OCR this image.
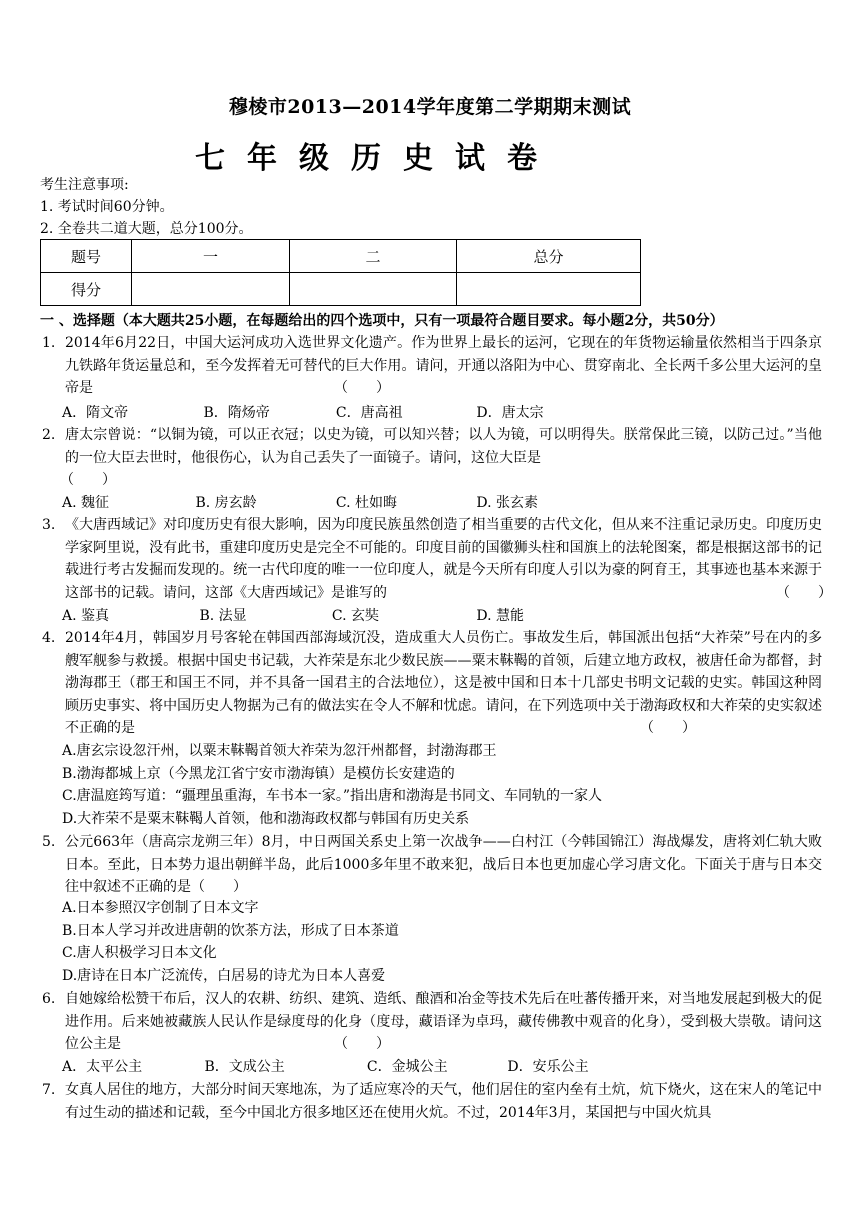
穆棱市2013—2014学年度第二学期期末测试
七年级历史试卷
考生注意事项:
1. 考试时间60分钟。
2. 全卷共二道大题，总分100分。
题号	一	二	总分
得分			
一 、选择题（本大题共25小题，在每题给出的四个选项中，只有一项最符合题目要求。每小题2分，共50分）
1. 2014年6月22日，中国大运河成功入选世界文化遗产。作为世界上最长的运河，它现在的年货物运输量依然相当于四条京九铁路年货运量总和，至今发挥着无可替代的巨大作用。请问，开通以洛阳为中心、贯穿南北、全长两千多公里大运河的皇帝是	（　　）
A．隋文帝	B．隋炀帝	C．唐高祖	D．唐太宗
2. 唐太宗曾说：“以铜为镜，可以正衣冠；以史为镜，可以知兴替；以人为镜，可以明得失。朕常保此三镜，以防己过。”当他的一位大臣去世时，他很伤心，认为自己丢失了一面镜子。请问，这位大臣是
（　　）
A. 魏征	B. 房玄龄	C. 杜如晦	D. 张玄素
3. 《大唐西域记》对印度历史有很大影响，因为印度民族虽然创造了相当重要的古代文化，但从来不注重记录历史。印度历史学家阿里说，没有此书，重建印度历史是完全不可能的。印度目前的国徽狮头柱和国旗上的法轮图案，都是根据这部书的记载进行考古发掘而发现的。统一古代印度的唯一一位印度人，就是今天所有印度人引以为豪的阿育王，其事迹也基本来源于这部书的记载。请问，这部《大唐西域记》是谁写的	（　　）
A. 鉴真	B. 法显	C. 玄奘	D. 慧能
4. 2014年4月，韩国岁月号客轮在韩国西部海域沉没，造成重大人员伤亡。事故发生后，韩国派出包括“大祚荣”号在内的多艘军舰参与救援。根据中国史书记载，大祚荣是东北少数民族——粟末靺鞨的首领，后建立地方政权，被唐任命为都督，封渤海郡王（郡王和国王不同，并不具备一国君主的合法地位），这是被中国和日本十几部史书明文记载的史实。韩国这种罔顾历史事实、将中国历史人物据为己有的做法实在令人不解和忧虑。请问，在下列选项中关于渤海政权和大祚荣的史实叙述不正确的是	（　　）
A.唐玄宗设忽汗州，以粟末靺鞨首领大祚荣为忽汗州都督，封渤海郡王
B.渤海都城上京（今黑龙江省宁安市渤海镇）是模仿长安建造的
C.唐温庭筠写道：“疆理虽重海，车书本一家。”指出唐和渤海是书同文、车同轨的一家人
D.大祚荣不是粟末靺鞨人首领，他和渤海政权都与韩国有历史关系
5. 公元663年（唐高宗龙朔三年）8月，中日两国关系史上第一次战争——白村江（今韩国锦江）海战爆发，唐将刘仁轨大败日本。至此，日本势力退出朝鲜半岛，此后1000多年里不敢来犯，战后日本也更加虚心学习唐文化。下面关于唐与日本交往中叙述不正确的是（　　）
A.日本参照汉字创制了日本文字
B.日本人学习并改进唐朝的饮茶方法，形成了日本茶道
C.唐人积极学习日本文化
D.唐诗在日本广泛流传，白居易的诗尤为日本人喜爱
6. 自她嫁给松赞干布后，汉人的农耕、纺织、建筑、造纸、酿酒和冶金等技术先后在吐蕃传播开来，对当地发展起到极大的促进作用。后来她被藏族人民认作是绿度母的化身（度母，藏语译为卓玛，藏传佛教中观音的化身），受到极大崇敬。请问这位公主是	（　　）
A．太平公主	B．文成公主	C．金城公主	D．安乐公主
7. 女真人居住的地方，大部分时间天寒地冻，为了适应寒冷的天气，他们居住的室内垒有土炕，炕下烧火，这在宋人的笔记中有过生动的描述和记载，至今中国北方很多地区还在使用火炕。不过，2014年3月，某国把与中国火炕具
